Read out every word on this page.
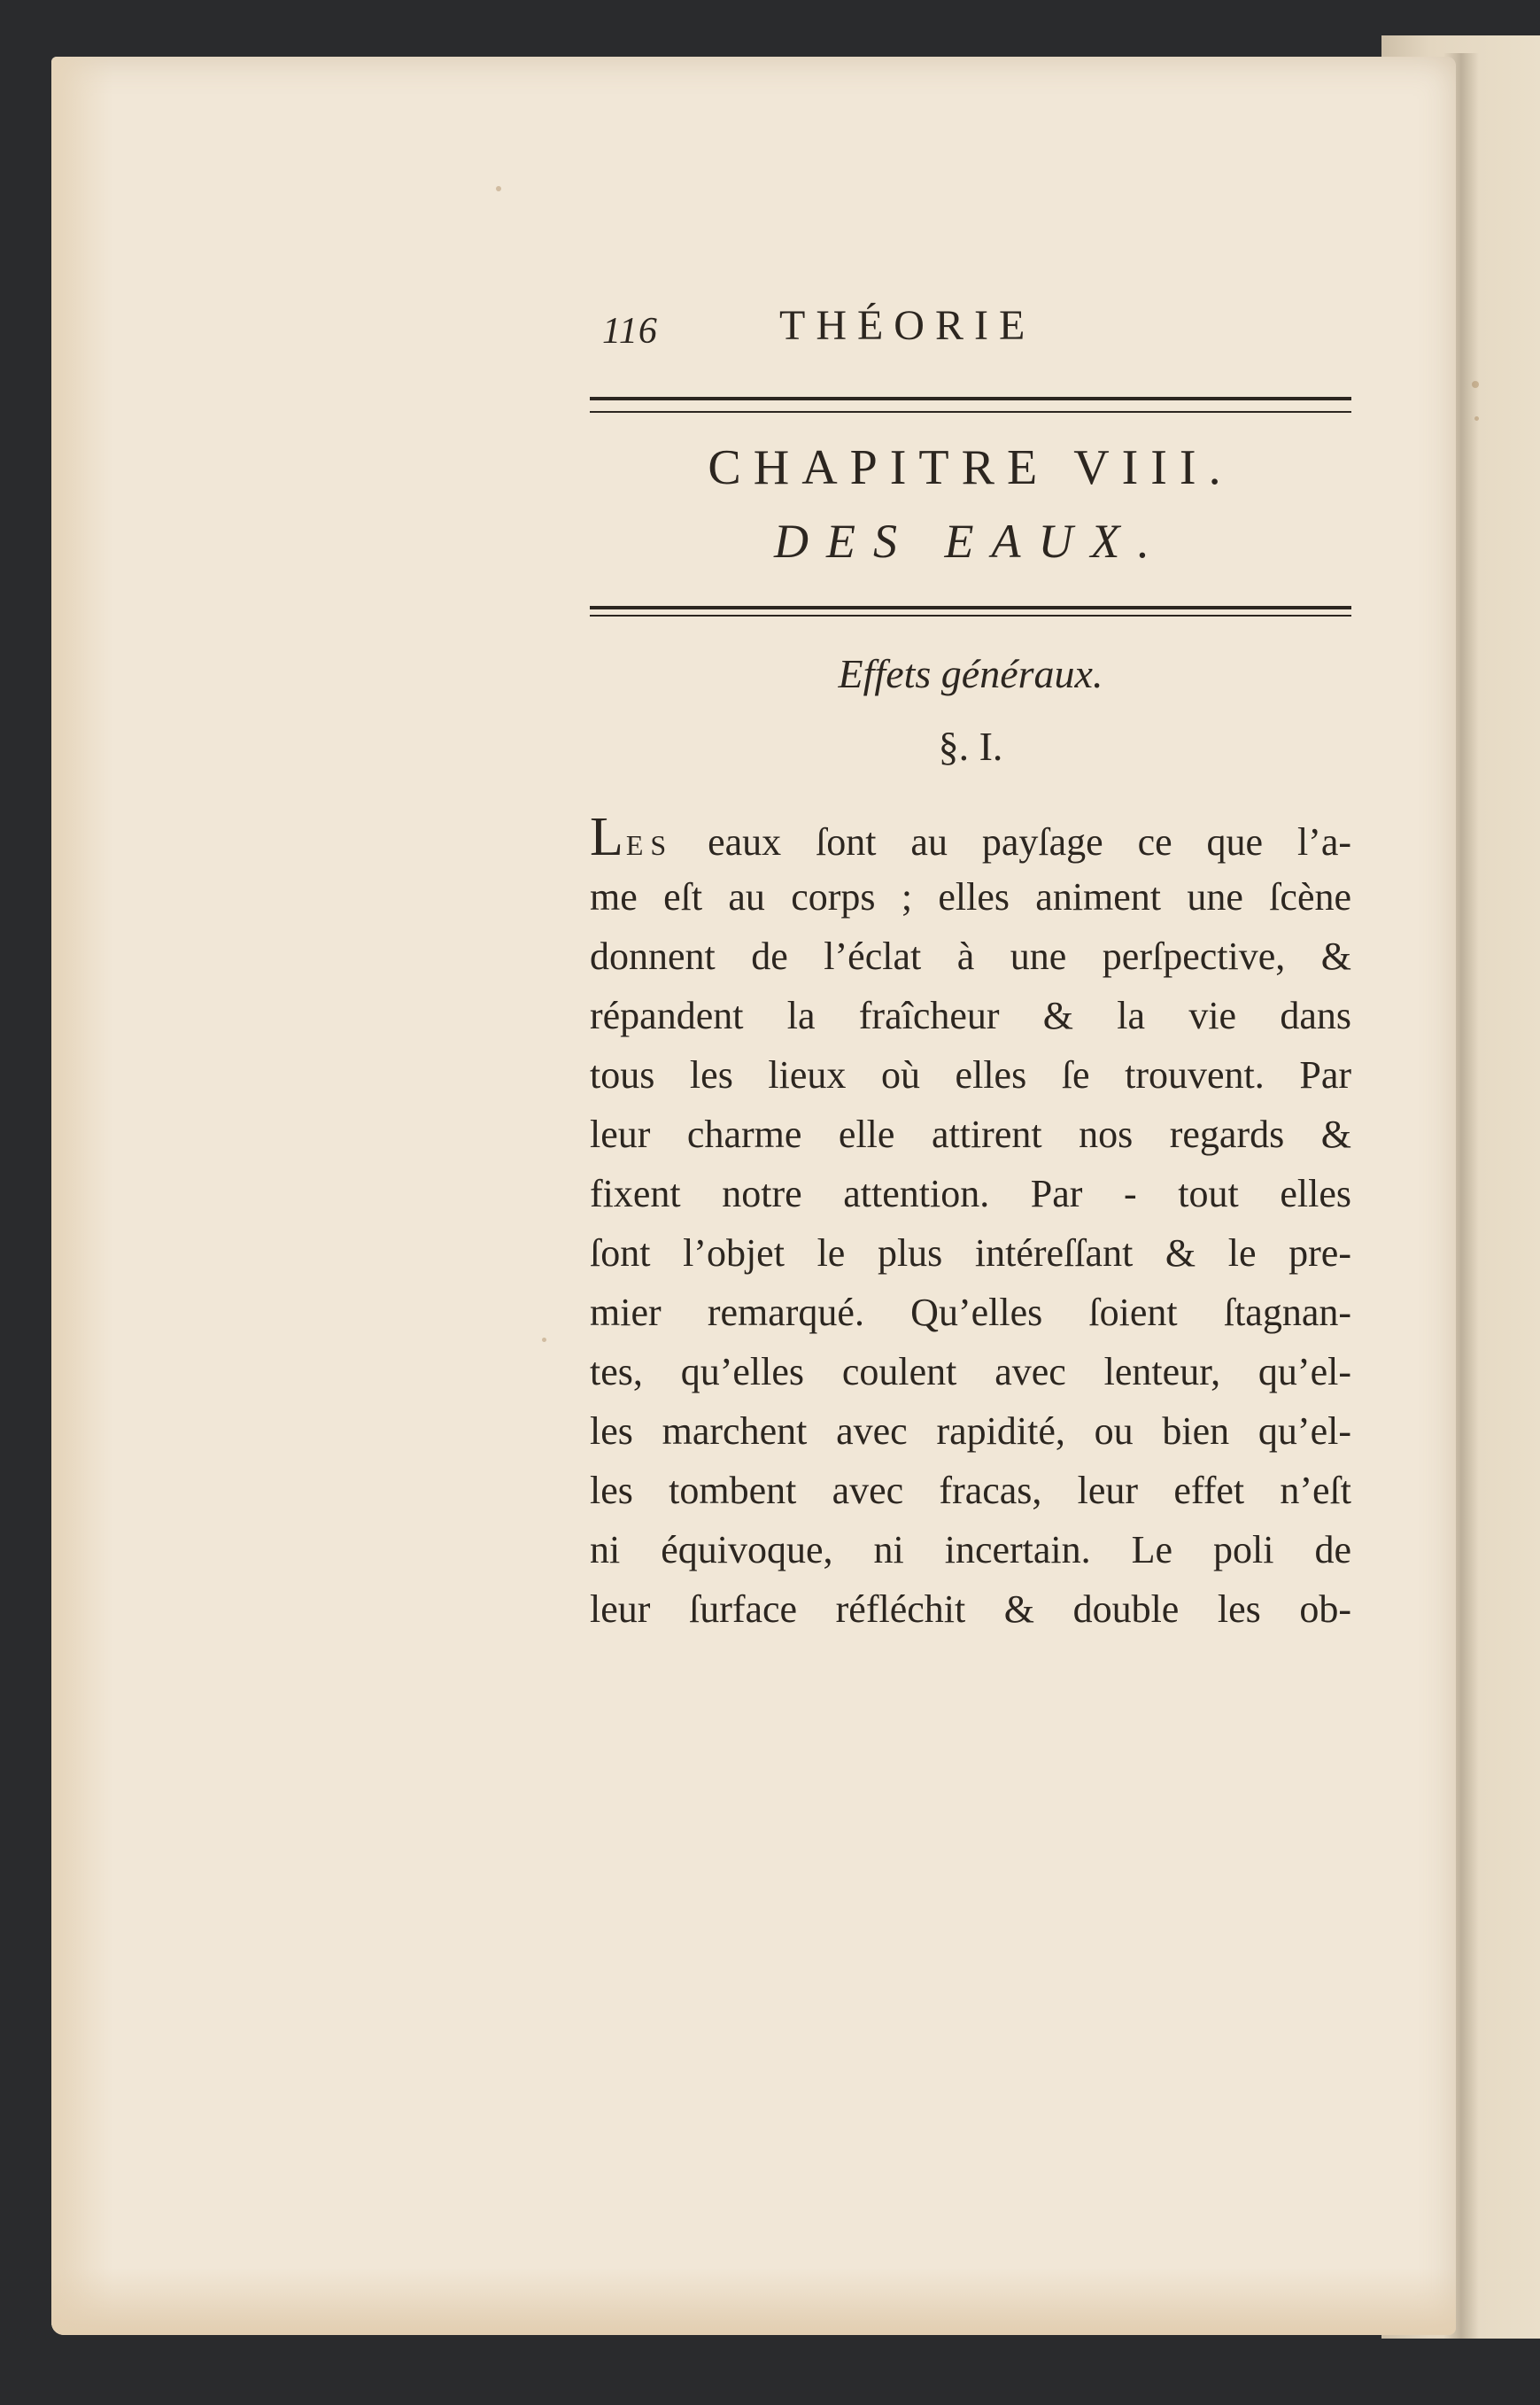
116	THÉORIE
CHAPITRE VIII.
DES EAUX.
Effets généraux.
§. I.
LES eaux ſont au payſage ce que l’a-
me eſt au corps ; elles animent une ſcène
donnent de l’éclat à une perſpective, &
répandent la fraîcheur & la vie dans
tous les lieux où elles ſe trouvent. Par
leur charme elle attirent nos regards &
fixent notre attention. Par - tout elles
ſont l’objet le plus intéreſſant & le pre-
mier remarqué. Qu’elles ſoient ſtagnan-
tes, qu’elles coulent avec lenteur, qu’el-
les marchent avec rapidité, ou bien qu’el-
les tombent avec fracas, leur effet n’eſt
ni équivoque, ni incertain. Le poli de
leur ſurface réfléchit & double les ob-
